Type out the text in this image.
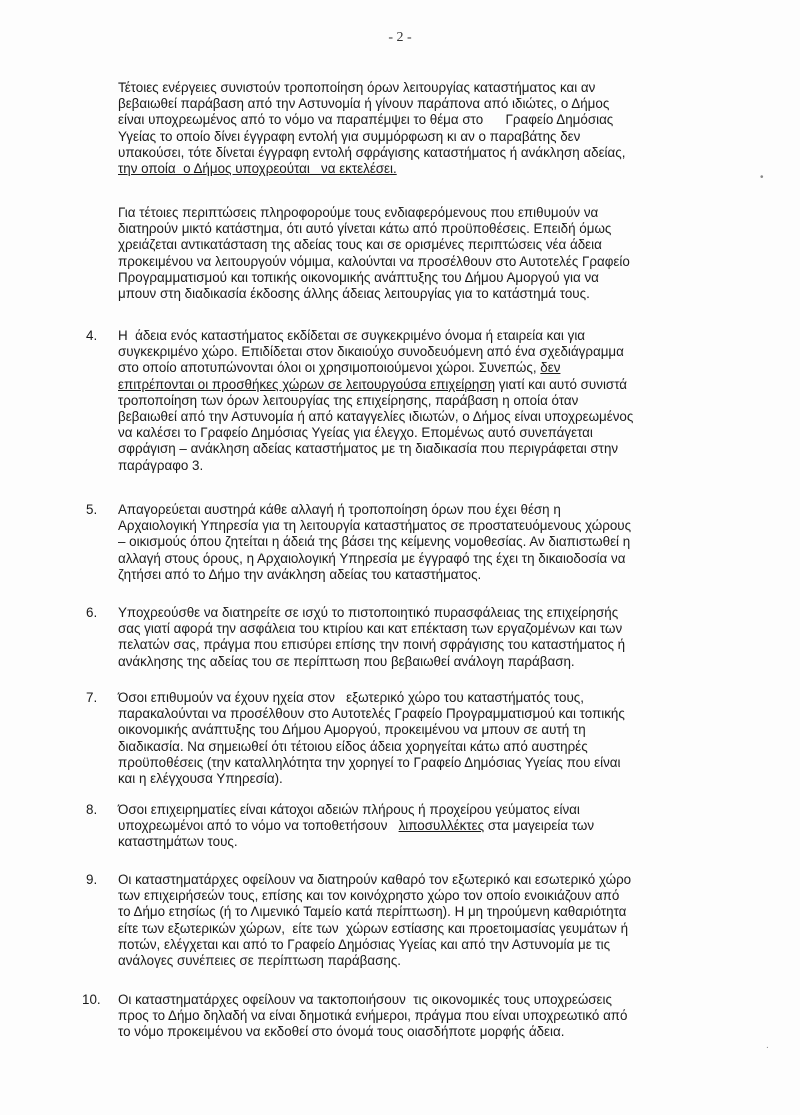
- 2 -

Τέτοιες ενέργειες συνιστούν τροποποίηση όρων λειτουργίας καταστήματος και αν
βεβαιωθεί παράβαση από την Αστυνομία ή γίνουν παράπονα από ιδιώτες, ο Δήμος
είναι υποχρεωμένος από το νόμο να παραπέμψει το θέμα στο      Γραφείο Δημόσιας
Υγείας το οποίο δίνει έγγραφη εντολή για συμμόρφωση κι αν ο παραβάτης δεν
υπακούσει, τότε δίνεται έγγραφη εντολή σφράγισης καταστήματος ή ανάκληση αδείας,
την οποία  ο Δήμος υποχρεούται   να εκτελέσει.

•

Για τέτοιες περιπτώσεις πληροφορούμε τους ενδιαφερόμενους που επιθυμούν να
διατηρούν μικτό κατάστημα, ότι αυτό γίνεται κάτω από προϋποθέσεις. Επειδή όμως
χρειάζεται αντικατάσταση της αδείας τους και σε ορισμένες περιπτώσεις νέα άδεια
προκειμένου να λειτουργούν νόμιμα, καλούνται να προσέλθουν στο Αυτοτελές Γραφείο
Προγραμματισμού και τοπικής οικονομικής ανάπτυξης του Δήμου Αμοργού για να
μπουν στη διαδικασία έκδοσης άλλης άδειας λειτουργίας για το κατάστημά τους.

4. Η  άδεια ενός καταστήματος εκδίδεται σε συγκεκριμένο όνομα ή εταιρεία και για
συγκεκριμένο χώρο. Επιδίδεται στον δικαιούχο συνοδευόμενη από ένα σχεδιάγραμμα
στο οποίο αποτυπώνονται όλοι οι χρησιμοποιούμενοι χώροι. Συνεπώς, δεν
επιτρέπονται οι προσθήκες χώρων σε λειτουργούσα επιχείρηση γιατί και αυτό συνιστά
τροποποίηση των όρων λειτουργίας της επιχείρησης, παράβαση η οποία όταν
βεβαιωθεί από την Αστυνομία ή από καταγγελίες ιδιωτών, ο Δήμος είναι υποχρεωμένος
να καλέσει το Γραφείο Δημόσιας Υγείας για έλεγχο. Επομένως αυτό συνεπάγεται
σφράγιση – ανάκληση αδείας καταστήματος με τη διαδικασία που περιγράφεται στην
παράγραφο 3.
5. Απαγορεύεται αυστηρά κάθε αλλαγή ή τροποποίηση όρων που έχει θέση η
Αρχαιολογική Υπηρεσία για τη λειτουργία καταστήματος σε προστατευόμενους χώρους
– οικισμούς όπου ζητείται η άδειά της βάσει της κείμενης νομοθεσίας. Αν διαπιστωθεί η
αλλαγή στους όρους, η Αρχαιολογική Υπηρεσία με έγγραφό της έχει τη δικαιοδοσία να
ζητήσει από το Δήμο την ανάκληση αδείας του καταστήματος.
6. Υποχρεούσθε να διατηρείτε σε ισχύ το πιστοποιητικό πυρασφάλειας της επιχείρησής
σας γιατί αφορά την ασφάλεια του κτιρίου και κατ επέκταση των εργαζομένων και των
πελατών σας, πράγμα που επισύρει επίσης την ποινή σφράγισης του καταστήματος ή
ανάκλησης της αδείας του σε περίπτωση που βεβαιωθεί ανάλογη παράβαση.
7. Όσοι επιθυμούν να έχουν ηχεία στον   εξωτερικό χώρο του καταστήματός τους,
παρακαλούνται να προσέλθουν στο Αυτοτελές Γραφείο Προγραμματισμού και τοπικής
οικονομικής ανάπτυξης του Δήμου Αμοργού, προκειμένου να μπουν σε αυτή τη
διαδικασία. Να σημειωθεί ότι τέτοιου είδος άδεια χορηγείται κάτω από αυστηρές
προϋποθέσεις (την καταλληλότητα την χορηγεί το Γραφείο Δημόσιας Υγείας που είναι
και η ελέγχουσα Υπηρεσία).
8. Όσοι επιχειρηματίες είναι κάτοχοι αδειών πλήρους ή προχείρου γεύματος είναι
υποχρεωμένοι από το νόμο να τοποθετήσουν λιποσυλλέκτες στα μαγειρεία των
καταστημάτων τους.
9. Οι καταστηματάρχες οφείλουν να διατηρούν καθαρό τον εξωτερικό και εσωτερικό χώρο
των επιχειρήσεών τους, επίσης και τον κοινόχρηστο χώρο τον οποίο ενοικιάζουν από
το Δήμο ετησίως (ή το Λιμενικό Ταμείο κατά περίπτωση). Η μη τηρούμενη καθαριότητα
είτε των εξωτερικών χώρων,  είτε των  χώρων εστίασης και προετοιμασίας γευμάτων ή
ποτών, ελέγχεται και από το Γραφείο Δημόσιας Υγείας και από την Αστυνομία με τις
ανάλογες συνέπειες σε περίπτωση παράβασης.
10. Οι καταστηματάρχες οφείλουν να τακτοποιήσουν  τις οικονομικές τους υποχρεώσεις
προς το Δήμο δηλαδή να είναι δημοτικά ενήμεροι, πράγμα που είναι υποχρεωτικό από
το νόμο προκειμένου να εκδοθεί στο όνομά τους οιασδήποτε μορφής άδεια.
.
